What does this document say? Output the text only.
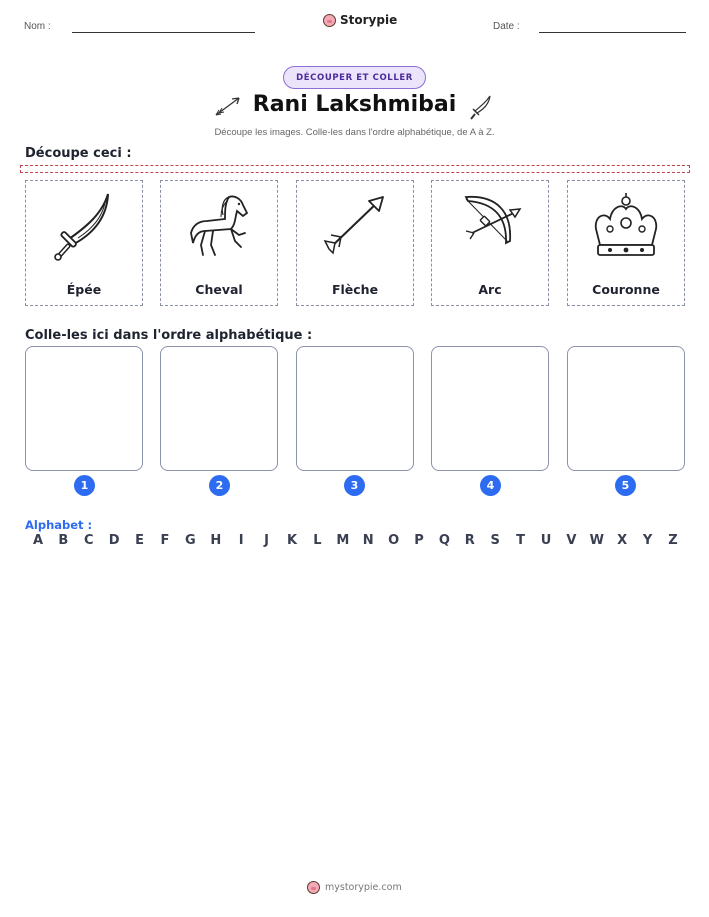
Nom :	Storypie	Date :
DÉCOUPER ET COLLER
Rani Lakshmibai
Découpe les images. Colle-les dans l'ordre alphabétique, de A à Z.
Découpe ceci :
Épée	Cheval	Flèche	Arc	Couronne
Colle-les ici dans l'ordre alphabétique :
1	2	3	4	5
Alphabet :
A B C D E F G H	I	J	K L M N O P Q R S T U V W X Y Z
mystorypie.com
